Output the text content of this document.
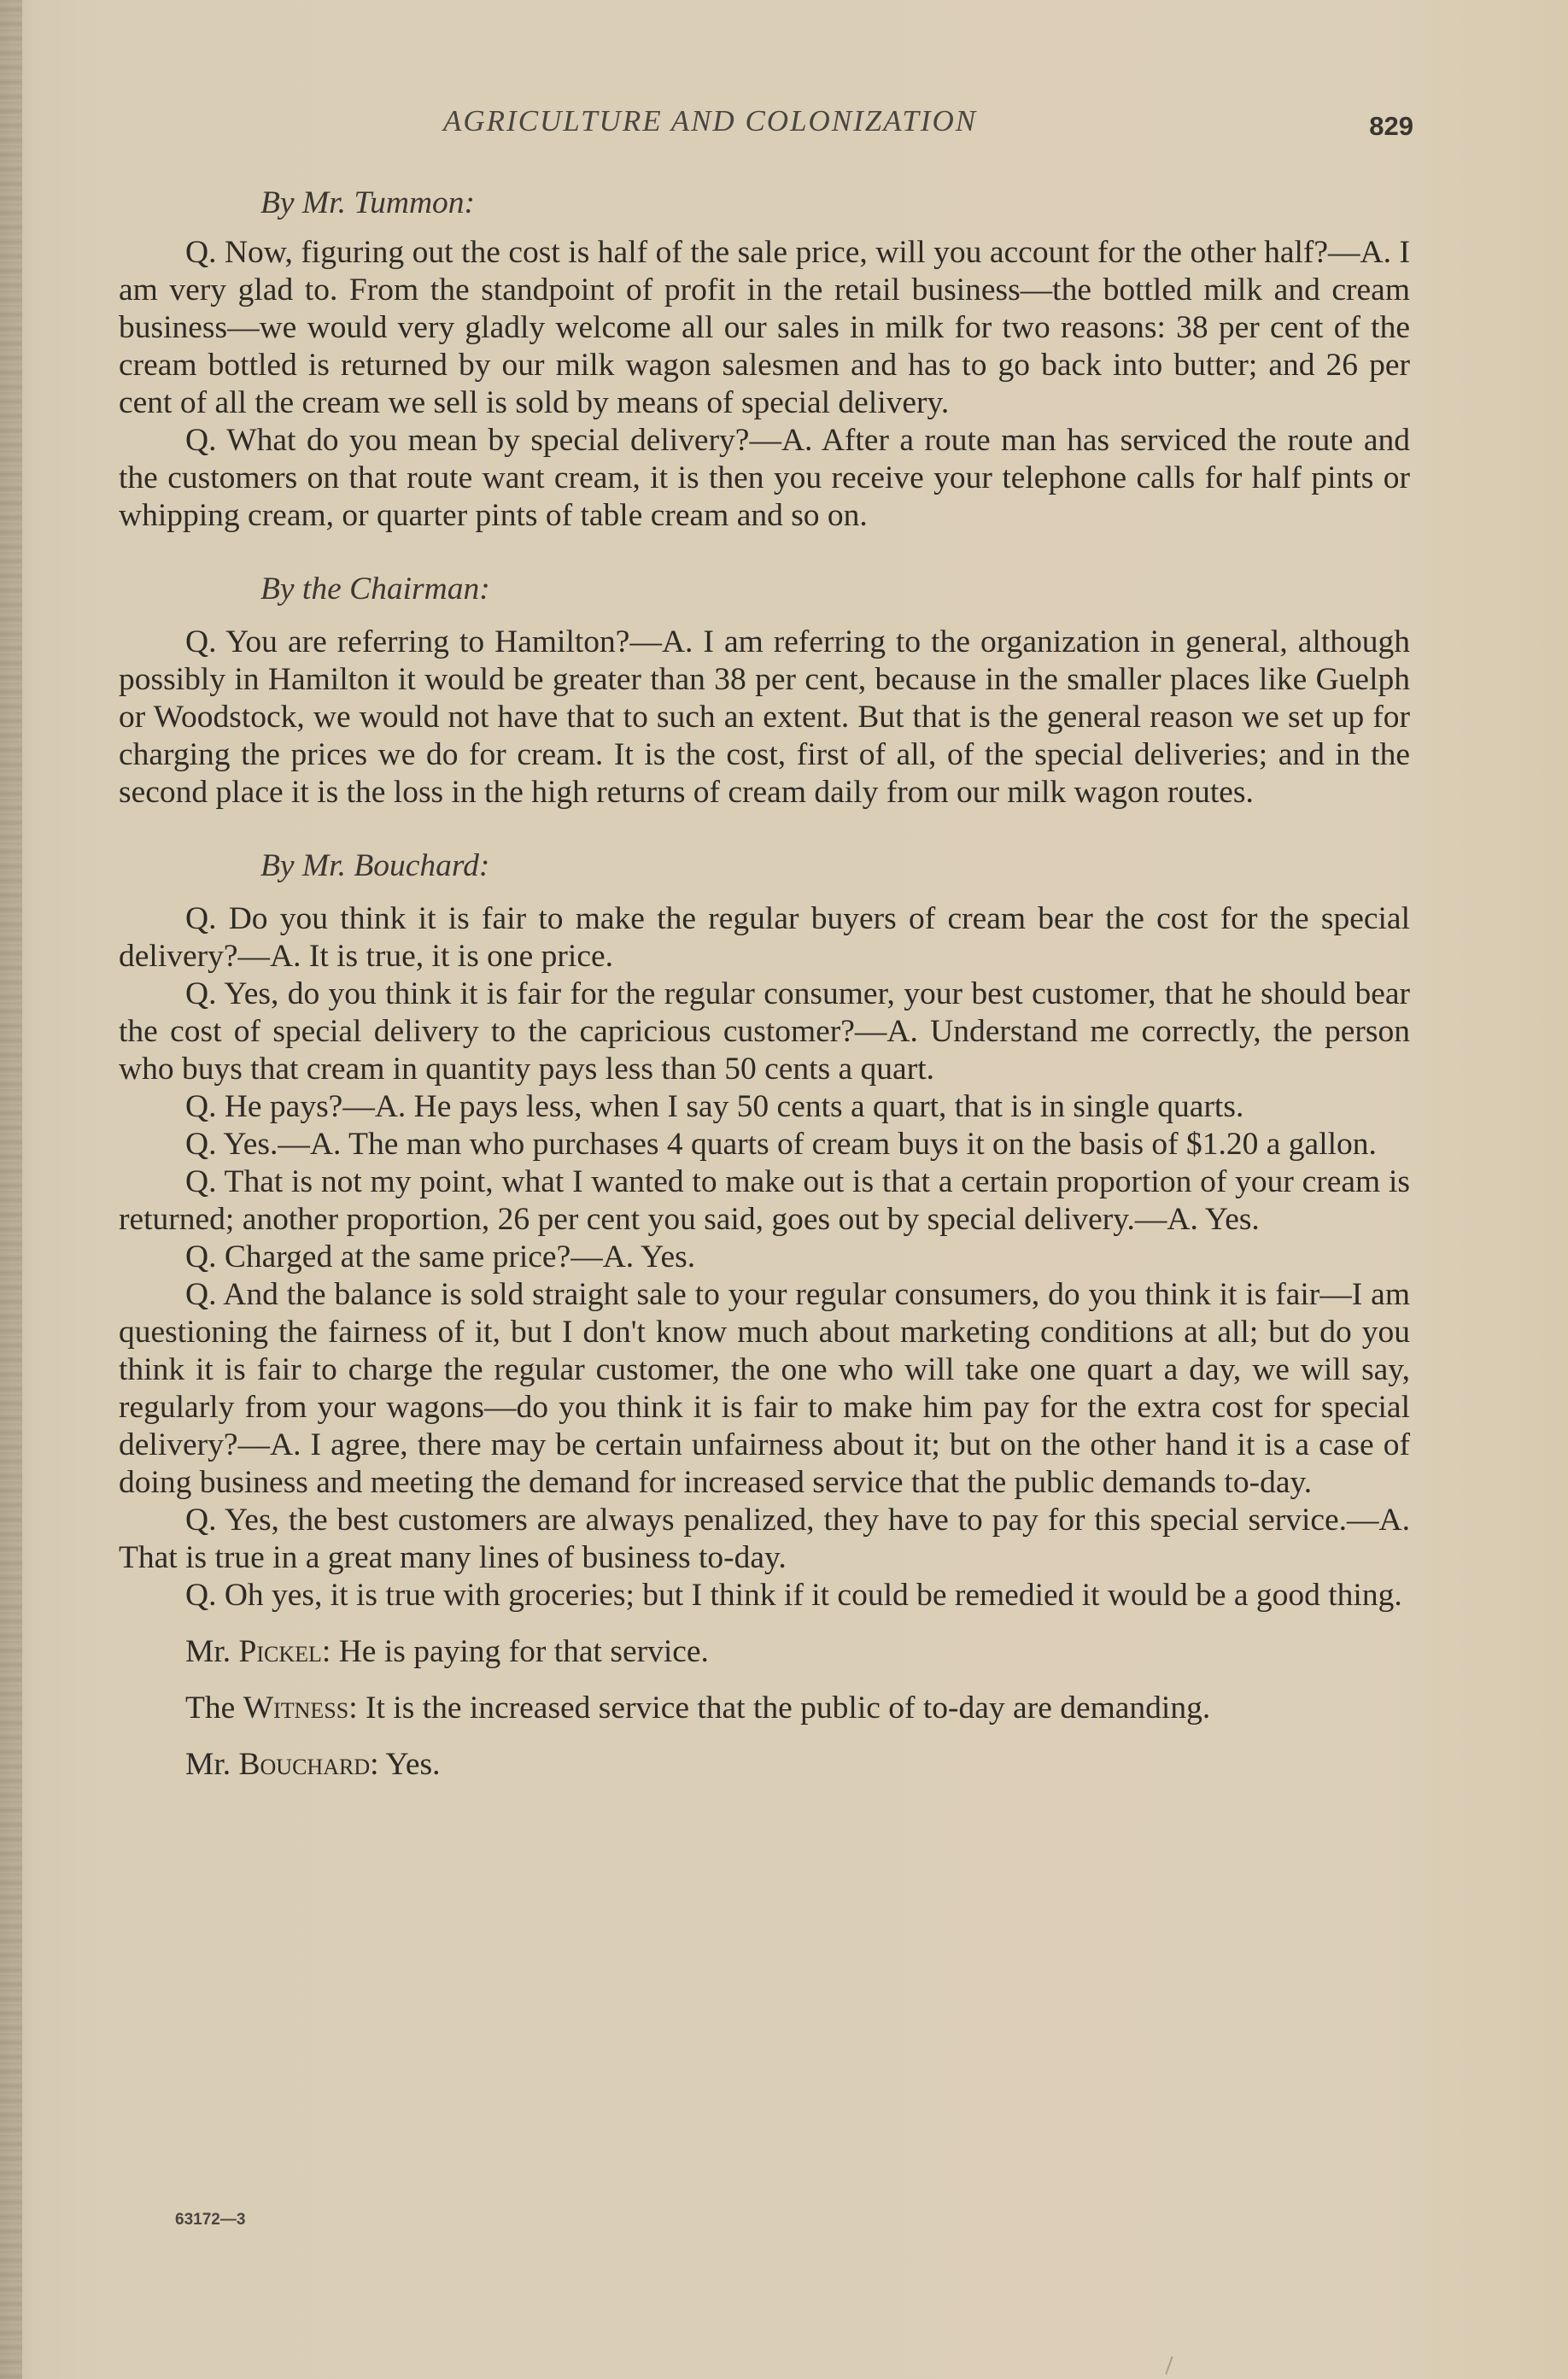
AGRICULTURE AND COLONIZATION	829
By Mr. Tummon:

Q. Now, figuring out the cost is half of the sale price, will you account for the other half?—A. I am very glad to. From the standpoint of profit in the retail business—the bottled milk and cream business—we would very gladly welcome all our sales in milk for two reasons: 38 per cent of the cream bottled is returned by our milk wagon salesmen and has to go back into butter; and 26 per cent of all the cream we sell is sold by means of special delivery.

Q. What do you mean by special delivery?—A. After a route man has serviced the route and the customers on that route want cream, it is then you receive your telephone calls for half pints or whipping cream, or quarter pints of table cream and so on.

By the Chairman:

Q. You are referring to Hamilton?—A. I am referring to the organization in general, although possibly in Hamilton it would be greater than 38 per cent, because in the smaller places like Guelph or Woodstock, we would not have that to such an extent. But that is the general reason we set up for charging the prices we do for cream. It is the cost, first of all, of the special deliveries; and in the second place it is the loss in the high returns of cream daily from our milk wagon routes.

By Mr. Bouchard:

Q. Do you think it is fair to make the regular buyers of cream bear the cost for the special delivery?—A. It is true, it is one price.

Q. Yes, do you think it is fair for the regular consumer, your best customer, that he should bear the cost of special delivery to the capricious customer?—A. Understand me correctly, the person who buys that cream in quantity pays less than 50 cents a quart.

Q. He pays?—A. He pays less, when I say 50 cents a quart, that is in single quarts.

Q. Yes.—A. The man who purchases 4 quarts of cream buys it on the basis of $1.20 a gallon.

Q. That is not my point, what I wanted to make out is that a certain proportion of your cream is returned; another proportion, 26 per cent you said, goes out by special delivery.—A. Yes.

Q. Charged at the same price?—A. Yes.

Q. And the balance is sold straight sale to your regular consumers, do you think it is fair—I am questioning the fairness of it, but I don't know much about marketing conditions at all; but do you think it is fair to charge the regular customer, the one who will take one quart a day, we will say, regularly from your wagons—do you think it is fair to make him pay for the extra cost for special delivery?—A. I agree, there may be certain unfairness about it; but on the other hand it is a case of doing business and meeting the demand for increased service that the public demands to-day.

Q. Yes, the best customers are always penalized, they have to pay for this special service.—A. That is true in a great many lines of business to-day.

Q. Oh yes, it is true with groceries; but I think if it could be remedied it would be a good thing.

Mr. Pickel: He is paying for that service.

The Witness: It is the increased service that the public of to-day are demanding.

Mr. Bouchard: Yes.

63172—3
